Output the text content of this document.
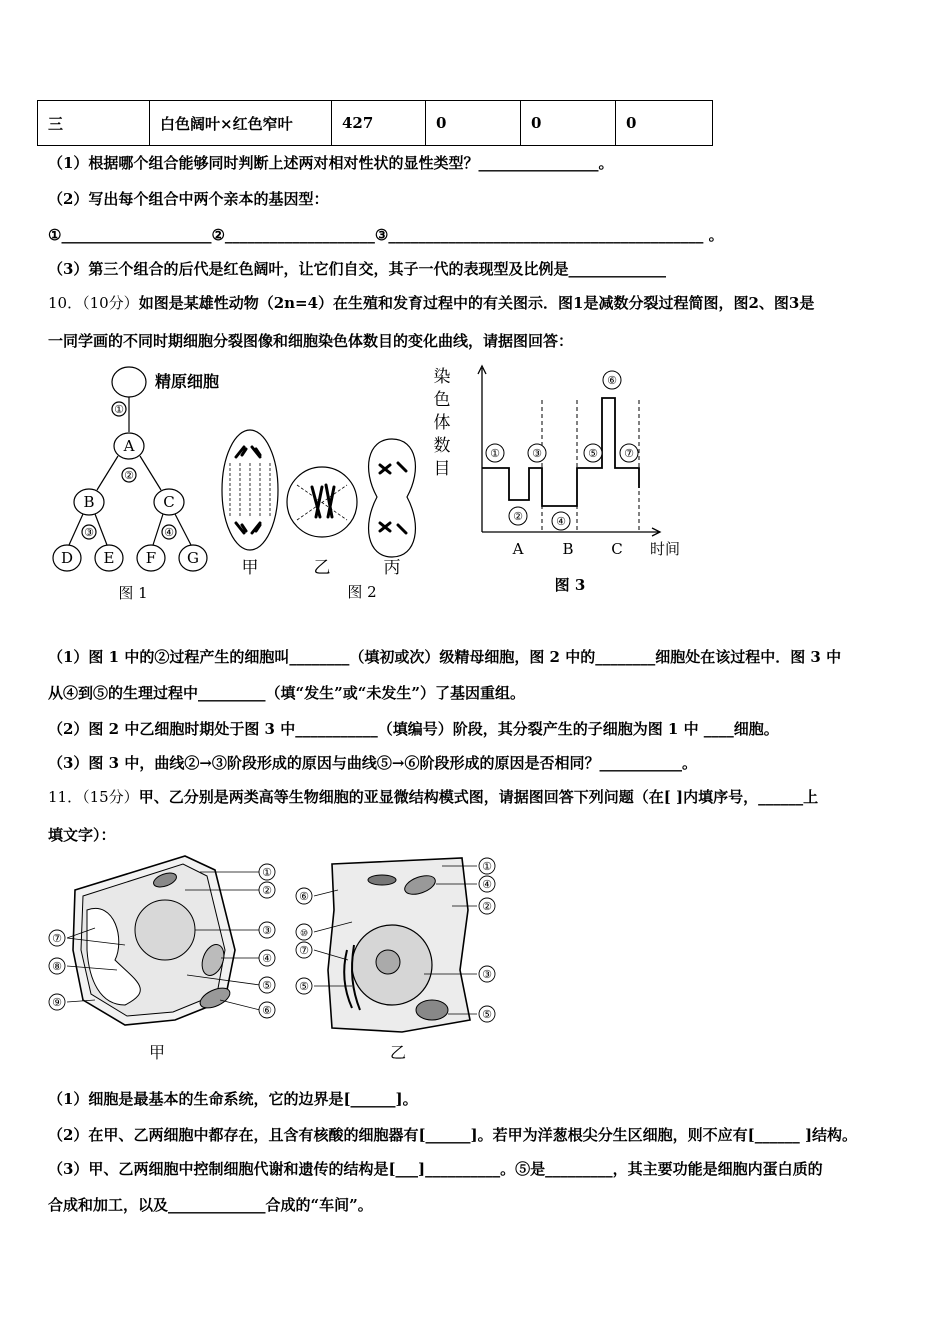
三	白色阔叶×红色窄叶	427	0	0	0
（1）根据哪个组合能够同时判断上述两对相对性状的显性类型？________________。
（2）写出每个组合中两个亲本的基因型：
①____________________②____________________③__________________________________________ 。
（3）第三个组合的后代是红色阔叶，让它们自交，其子一代的表现型及比例是_____________
10．（10分）如图是某雄性动物（2n=4）在生殖和发育过程中的有关图示．图1是减数分裂过程简图，图2、图3是
一同学画的不同时期细胞分裂图像和细胞染色体数目的变化曲线，请据图回答：
①
②
③	④
A
B	C
D E F G
精原细胞
图 1
甲	乙	丙
图 2
染
色
体
数
目
①
②
③
④
⑤
⑥
⑦
A	B	C 时间
图 3
（1）图 1 中的②过程产生的细胞叫________（填初或次）级精母细胞，图 2 中的________细胞处在该过程中．图 3 中
从④到⑤的生理过程中_________（填“发生”或“未发生”）了基因重组。
（2）图 2 中乙细胞时期处于图 3 中___________（填编号）阶段，其分裂产生的子细胞为图 1 中 ____细胞。
（3）图 3 中，曲线②→③阶段形成的原因与曲线⑤→⑥阶段形成的原因是否相同？___________。
11．（15分）甲、乙分别是两类高等生物细胞的亚显微结构模式图，请据图回答下列问题（在[ ]内填序号，______上
填文字）：
①
②
③
④
⑤
⑥
⑦
⑧
⑨
甲
①
④
②
⑥
⑩
⑦
⑤
③
⑤
乙
（1）细胞是最基本的生命系统，它的边界是[______]。
（2）在甲、乙两细胞中都存在，且含有核酸的细胞器有[______]。若甲为洋葱根尖分生区细胞，则不应有[______ ]结构。
（3）甲、乙两细胞中控制细胞代谢和遗传的结构是[___]__________。⑤是_________，其主要功能是细胞内蛋白质的
合成和加工，以及_____________合成的“车间”。
